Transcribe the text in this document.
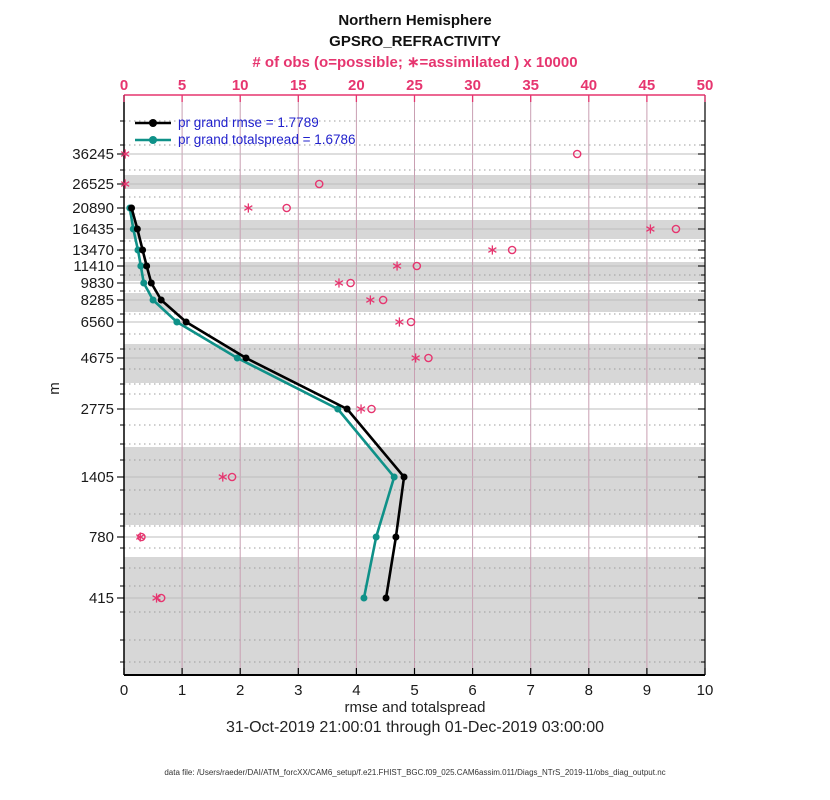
Northern Hemisphere
GPSRO_REFRACTIVITY
# of obs (o=possible; ∗=assimilated ) x 10000
0	1	2	3	4	5	6	7	8	9	10
0	5	10	15	20	25	30	35	40	45	50
36245
26525
20890
16435
13470
11410
9830
8285
6560
4675
2775
1405
780
415
pr grand rmse = 1.7789
pr grand totalspread = 1.6786
m
rmse and totalspread
31-Oct-2019 21:00:01 through 01-Dec-2019 03:00:00
data file: /Users/raeder/DAI/ATM_forcXX/CAM6_setup/f.e21.FHIST_BGC.f09_025.CAM6assim.011/Diags_NTrS_2019-11/obs_diag_output.nc
